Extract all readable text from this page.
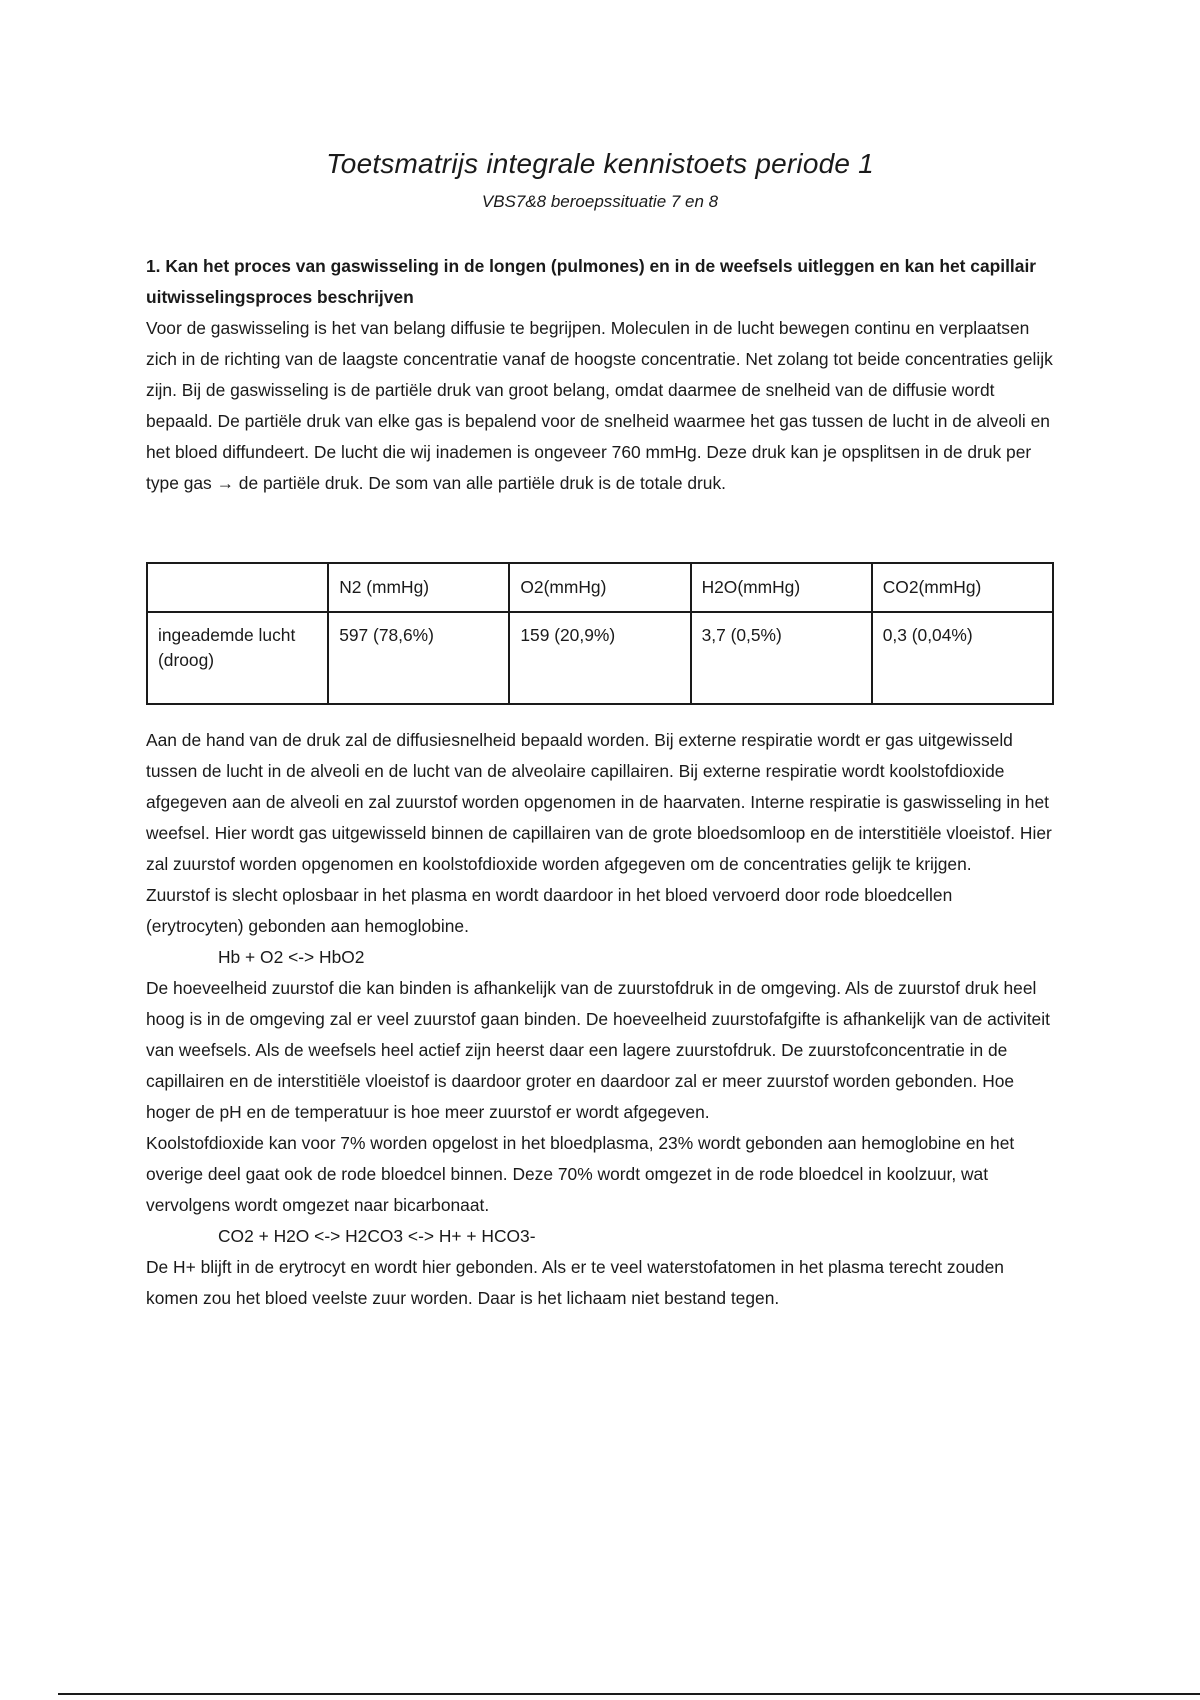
Toetsmatrijs integrale kennistoets periode 1
VBS7&8 beroepssituatie 7 en 8

1. Kan het proces van gaswisseling in de longen (pulmones) en in de weefsels uitleggen en kan het capillair uitwisselingsproces beschrijven

Voor de gaswisseling is het van belang diffusie te begrijpen. Moleculen in de lucht bewegen continu en verplaatsen zich in de richting van de laagste concentratie vanaf de hoogste concentratie. Net zolang tot beide concentraties gelijk zijn. Bij de gaswisseling is de partiële druk van groot belang, omdat daarmee de snelheid van de diffusie wordt bepaald. De partiële druk van elke gas is bepalend voor de snelheid waarmee het gas tussen de lucht in de alveoli en het bloed diffundeert. De lucht die wij inademen is ongeveer 760 mmHg. Deze druk kan je opsplitsen in de druk per type gas → de partiële druk. De som van alle partiële druk is de totale druk.

	N2 (mmHg)	O2(mmHg)	H2O(mmHg)	CO2(mmHg)
ingeademde lucht (droog)	597 (78,6%)	159 (20,9%)	3,7 (0,5%)	0,3 (0,04%)

Aan de hand van de druk zal de diffusiesnelheid bepaald worden. Bij externe respiratie wordt er gas uitgewisseld tussen de lucht in de alveoli en de lucht van de alveolaire capillairen. Bij externe respiratie wordt koolstofdioxide afgegeven aan de alveoli en zal zuurstof worden opgenomen in de haarvaten. Interne respiratie is gaswisseling in het weefsel. Hier wordt gas uitgewisseld binnen de capillairen van de grote bloedsomloop en de interstitiële vloeistof. Hier zal zuurstof worden opgenomen en koolstofdioxide worden afgegeven om de concentraties gelijk te krijgen.

Zuurstof is slecht oplosbaar in het plasma en wordt daardoor in het bloed vervoerd door rode bloedcellen (erytrocyten) gebonden aan hemoglobine.

Hb + O2 <-> HbO2

De hoeveelheid zuurstof die kan binden is afhankelijk van de zuurstofdruk in de omgeving. Als de zuurstof druk heel hoog is in de omgeving zal er veel zuurstof gaan binden. De hoeveelheid zuurstofafgifte is afhankelijk van de activiteit van weefsels. Als de weefsels heel actief zijn heerst daar een lagere zuurstofdruk. De zuurstofconcentratie in de capillairen en de interstitiële vloeistof is daardoor groter en daardoor zal er meer zuurstof worden gebonden. Hoe hoger de pH en de temperatuur is hoe meer zuurstof er wordt afgegeven.

Koolstofdioxide kan voor 7% worden opgelost in het bloedplasma, 23% wordt gebonden aan hemoglobine en het overige deel gaat ook de rode bloedcel binnen. Deze 70% wordt omgezet in de rode bloedcel in koolzuur, wat vervolgens wordt omgezet naar bicarbonaat.

CO2 + H2O <-> H2CO3 <-> H+ + HCO3-

De H+ blijft in de erytrocyt en wordt hier gebonden. Als er te veel waterstofatomen in het plasma terecht zouden komen zou het bloed veelste zuur worden. Daar is het lichaam niet bestand tegen.
